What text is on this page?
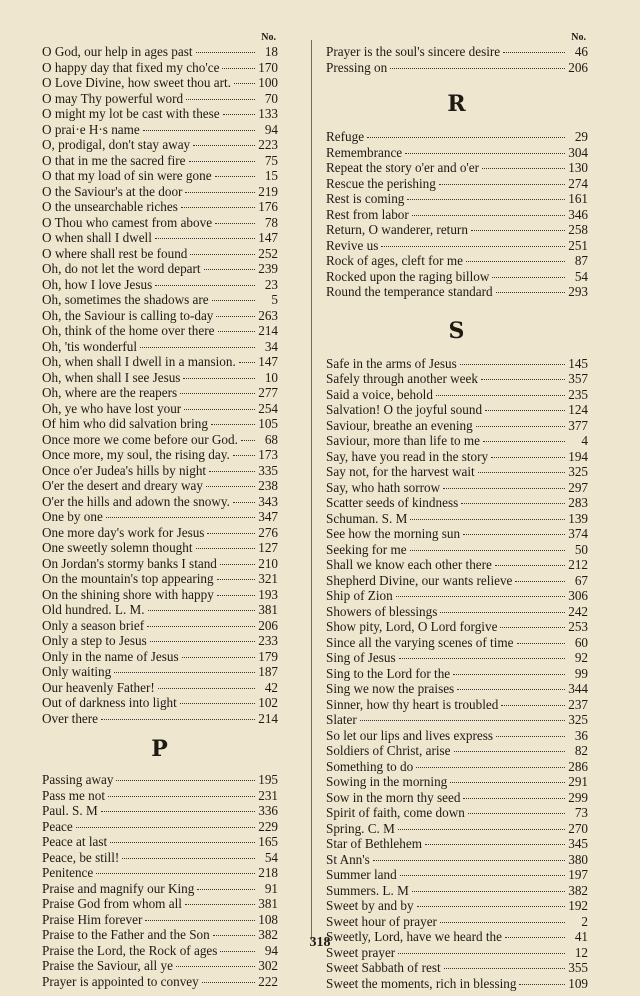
No.
O God, our help in ages past	18
O happy day that fixed my cho'ce	170
O Love Divine, how sweet thou art. 100
O may Thy powerful word	70
O might my lot be cast with these	133
O prai·e H·s name	94
O, prodigal, don't stay away	223
O that in me the sacred fire	75
O that my load of sin were gone	15
O the Saviour's at the door	219
O the unsearchable riches	176
O Thou who camest from above	78
O when shall I dwell	147
O where shall rest be found	252
Oh, do not let the word depart	239
Oh, how I love Jesus	23
Oh, sometimes the shadows are	5
Oh, the Saviour is calling to-day	263
Oh, think of the home over there	214
Oh, 'tis wonderful	34
Oh, when shall I dwell in a mansion. 147
Oh, when shall I see Jesus	10
Oh, where are the reapers	277
Oh, ye who have lost your	254
Of him who did salvation bring	105
Once more we come before our God.	68
Once more, my soul, the rising day. 173
Once o'er Judea's hills by night	335
O'er the desert and dreary way	238
O'er the hills and adown the snowy. 343
One by one	347
One more day's work for Jesus	276
One sweetly solemn thought	127
On Jordan's stormy banks I stand	210
On the mountain's top appearing	321
On the shining shore with happy	193
Old hundred. L. M.	381
Only a season brief	206
Only a step to Jesus	233
Only in the name of Jesus	179
Only waiting	187
Our heavenly Father!	42
Out of darkness into light	102
Over there	214
P
Passing away	195
Pass me not	231
Paul. S. M	336
Peace	229
Peace at last	165
Peace, be still!	54
Penitence	218
Praise and magnify our King	91
Praise God from whom all	381
Praise Him forever	108
Praise to the Father and the Son	382
Praise the Lord, the Rock of ages	94
Praise the Saviour, all ye	302
Prayer is appointed to convey	222
No.
Prayer is the soul's sincere desire	46
Pressing on	206
R
Refuge	29
Remembrance	304
Repeat the story o'er and o'er	130
Rescue the perishing	274
Rest is coming	161
Rest from labor	346
Return, O wanderer, return	258
Revive us	251
Rock of ages, cleft for me	87
Rocked upon the raging billow	54
Round the temperance standard	293
S
Safe in the arms of Jesus	145
Safely through another week	357
Said a voice, behold	235
Salvation! O the joyful sound	124
Saviour, breathe an evening	377
Saviour, more than life to me	4
Say, have you read in the story	194
Say not, for the harvest wait	325
Say, who hath sorrow	297
Scatter seeds of kindness	283
Schuman. S. M	139
See how the morning sun	374
Seeking for me	50
Shall we know each other there	212
Shepherd Divine, our wants relieve	67
Ship of Zion	306
Showers of blessings	242
Show pity, Lord, O Lord forgive	253
Since all the varying scenes of time	60
Sing of Jesus	92
Sing to the Lord for the	99
Sing we now the praises	344
Sinner, how thy heart is troubled	237
Slater	325
So let our lips and lives express	36
Soldiers of Christ, arise	82
Something to do	286
Sowing in the morning	291
Sow in the morn thy seed	299
Spirit of faith, come down	73
Spring. C. M	270
Star of Bethlehem	345
St Ann's	380
Summer land	197
Summers. L. M	382
Sweet by and by	192
Sweet hour of prayer	2
Sweetly, Lord, have we heard the	41
Sweet prayer	12
Sweet Sabbath of rest	355
Sweet the moments, rich in blessing	109
318
